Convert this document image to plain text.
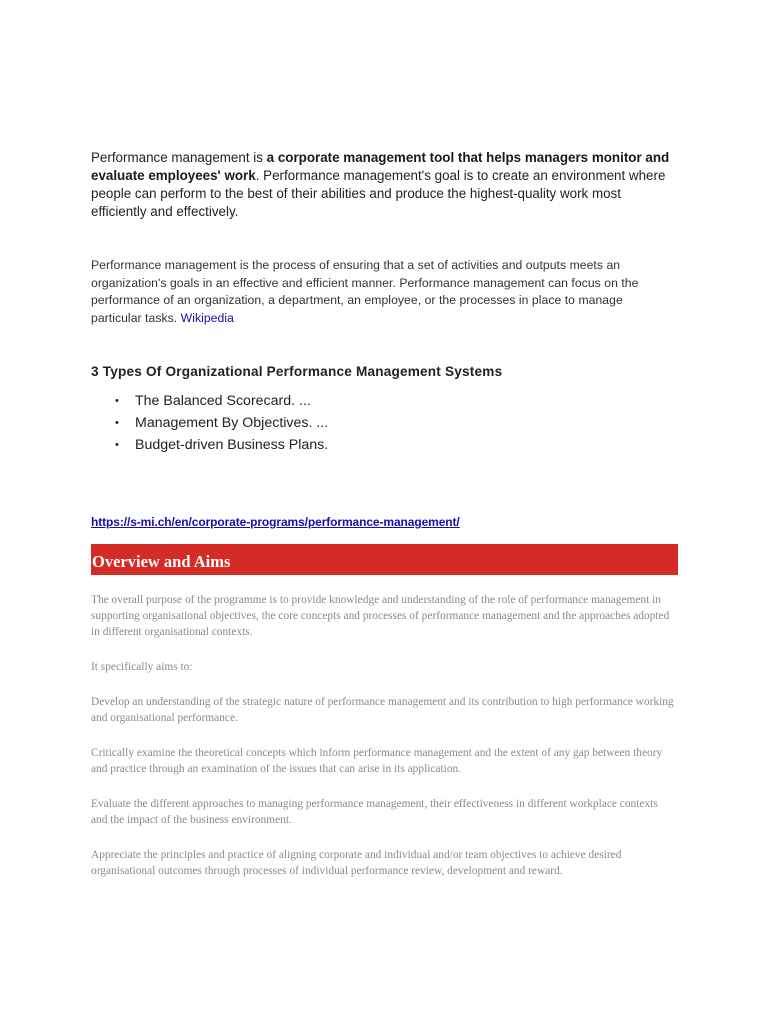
Performance management is a corporate management tool that helps managers monitor and evaluate employees' work. Performance management's goal is to create an environment where people can perform to the best of their abilities and produce the highest-quality work most efficiently and effectively.

Performance management is the process of ensuring that a set of activities and outputs meets an organization's goals in an effective and efficient manner. Performance management can focus on the performance of an organization, a department, an employee, or the processes in place to manage particular tasks. Wikipedia

3 Types Of Organizational Performance Management Systems
• The Balanced Scorecard. ...
• Management By Objectives. ...
• Budget-driven Business Plans.
https://s-mi.ch/en/corporate-programs/performance-management/
Overview and Aims

The overall purpose of the programme is to provide knowledge and understanding of the role of performance management in supporting organisational objectives, the core concepts and processes of performance management and the approaches adopted in different organisational contexts.

It specifically aims to:

Develop an understanding of the strategic nature of performance management and its contribution to high performance working and organisational performance.

Critically examine the theoretical concepts which inform performance management and the extent of any gap between theory and practice through an examination of the issues that can arise in its application.

Evaluate the different approaches to managing performance management, their effectiveness in different workplace contexts and the impact of the business environment.

Appreciate the principles and practice of aligning corporate and individual and/or team objectives to achieve desired organisational outcomes through processes of individual performance review, development and reward.
